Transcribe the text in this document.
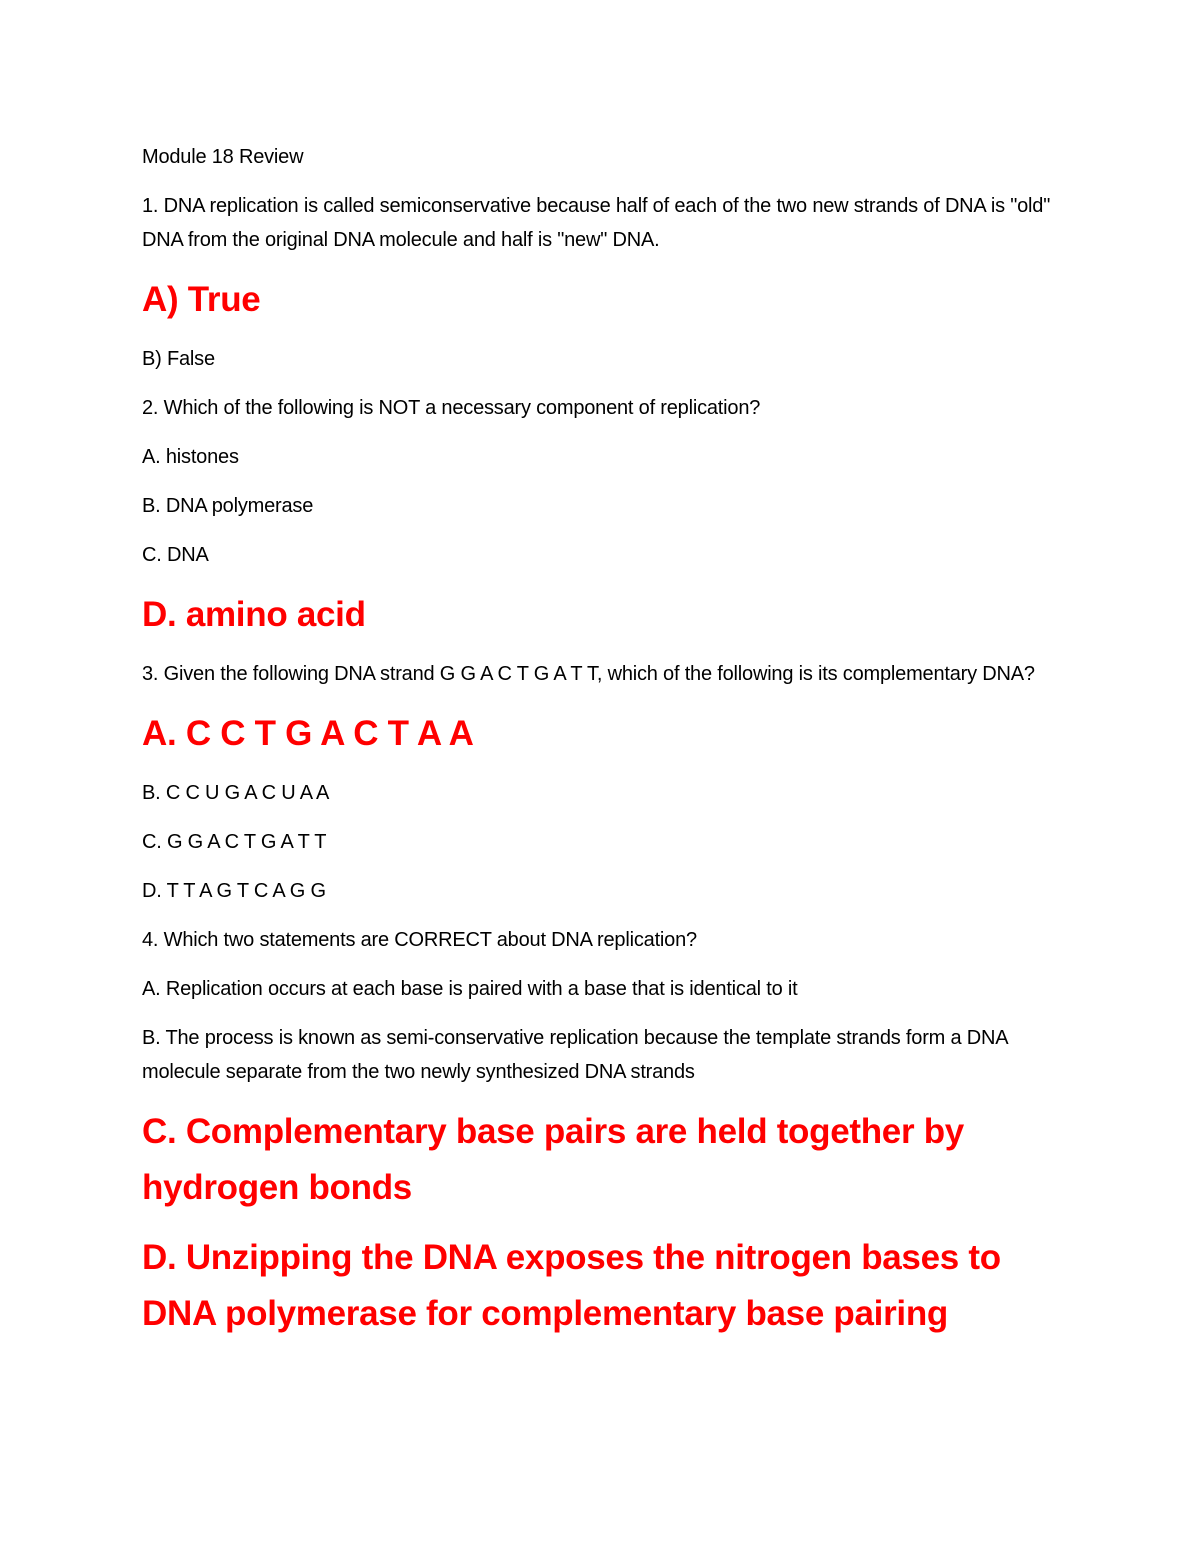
Module 18 Review

1. DNA replication is called semiconservative because half of each of the two new strands of DNA is "old" DNA from the original DNA molecule and half is "new" DNA.

A) True

B) False

2. Which of the following is NOT a necessary component of replication?

A. histones

B. DNA polymerase

C. DNA

D. amino acid

3. Given the following DNA strand G G A C T G A T T, which of the following is its complementary DNA?

A. C C T G A C T A A

B. C C U G A C U A A

C. G G A C T G A T T

D. T T A G T C A G G

4. Which two statements are CORRECT about DNA replication?

A. Replication occurs at each base is paired with a base that is identical to it

B. The process is known as semi-conservative replication because the template strands form a DNA molecule separate from the two newly synthesized DNA strands

C. Complementary base pairs are held together by hydrogen bonds

D. Unzipping the DNA exposes the nitrogen bases to DNA polymerase for complementary base pairing
